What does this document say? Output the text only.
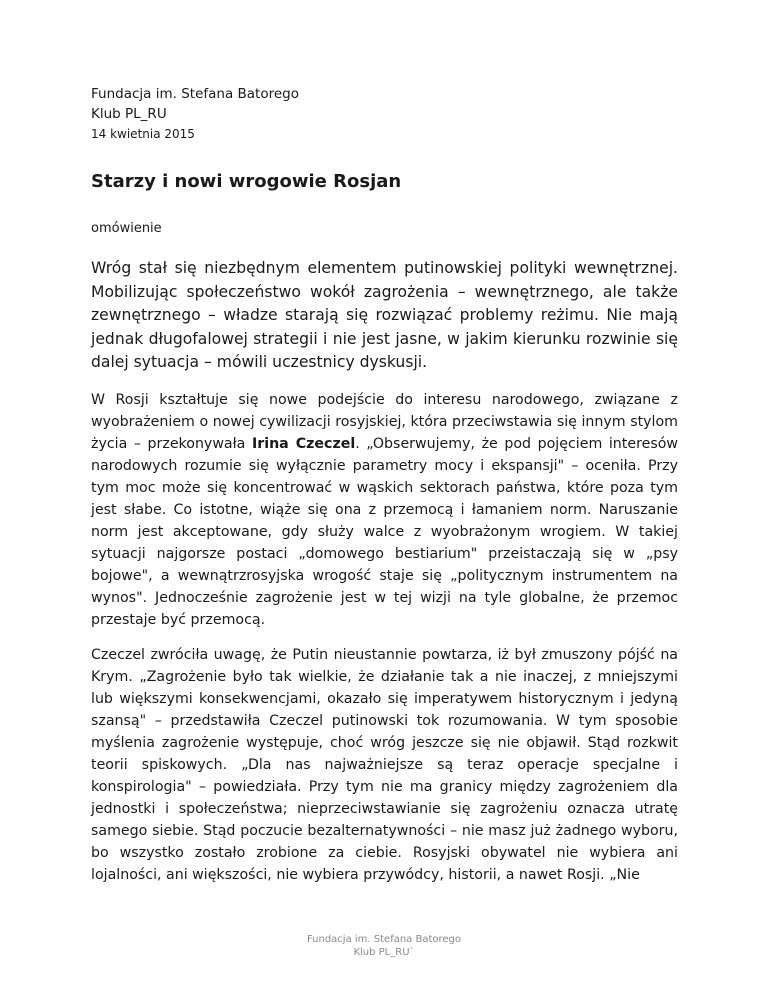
Fundacja im. Stefana Batorego
Klub PL_RU
14 kwietnia 2015
Starzy i nowi wrogowie Rosjan
omówienie

Wróg stał się niezbędnym elementem putinowskiej polityki wewnętrznej. Mobilizując społeczeństwo wokół zagrożenia – wewnętrznego, ale także zewnętrznego – władze starają się rozwiązać problemy reżimu. Nie mają jednak długofalowej strategii i nie jest jasne, w jakim kierunku rozwinie się dalej sytuacja – mówili uczestnicy dyskusji.

W Rosji kształtuje się nowe podejście do interesu narodowego, związane z wyobrażeniem o nowej cywilizacji rosyjskiej, która przeciwstawia się innym stylom życia – przekonywała Irina Czeczel. „Obserwujemy, że pod pojęciem interesów narodowych rozumie się wyłącznie parametry mocy i ekspansji" – oceniła. Przy tym moc może się koncentrować w wąskich sektorach państwa, które poza tym jest słabe. Co istotne, wiąże się ona z przemocą i łamaniem norm. Naruszanie norm jest akceptowane, gdy służy walce z wyobrażonym wrogiem. W takiej sytuacji najgorsze postaci „domowego bestiarium" przeistaczają się w „psy bojowe", a wewnątrzrosyjska wrogość staje się „politycznym instrumentem na wynos". Jednocześnie zagrożenie jest w tej wizji na tyle globalne, że przemoc przestaje być przemocą.

Czeczel zwróciła uwagę, że Putin nieustannie powtarza, iż był zmuszony pójść na Krym. „Zagrożenie było tak wielkie, że działanie tak a nie inaczej, z mniejszymi lub większymi konsekwencjami, okazało się imperatywem historycznym i jedyną szansą" – przedstawiła Czeczel putinowski tok rozumowania. W tym sposobie myślenia zagrożenie występuje, choć wróg jeszcze się nie objawił. Stąd rozkwit teorii spiskowych. „Dla nas najważniejsze są teraz operacje specjalne i konspirologia" – powiedziała. Przy tym nie ma granicy między zagrożeniem dla jednostki i społeczeństwa; nieprzeciwstawianie się zagrożeniu oznacza utratę samego siebie. Stąd poczucie bezalternatywności – nie masz już żadnego wyboru, bo wszystko zostało zrobione za ciebie. Rosyjski obywatel nie wybiera ani lojalności, ani większości, nie wybiera przywódcy, historii, a nawet Rosji. „Nie

Fundacja im. Stefana Batorego
Klub PL_RU`
